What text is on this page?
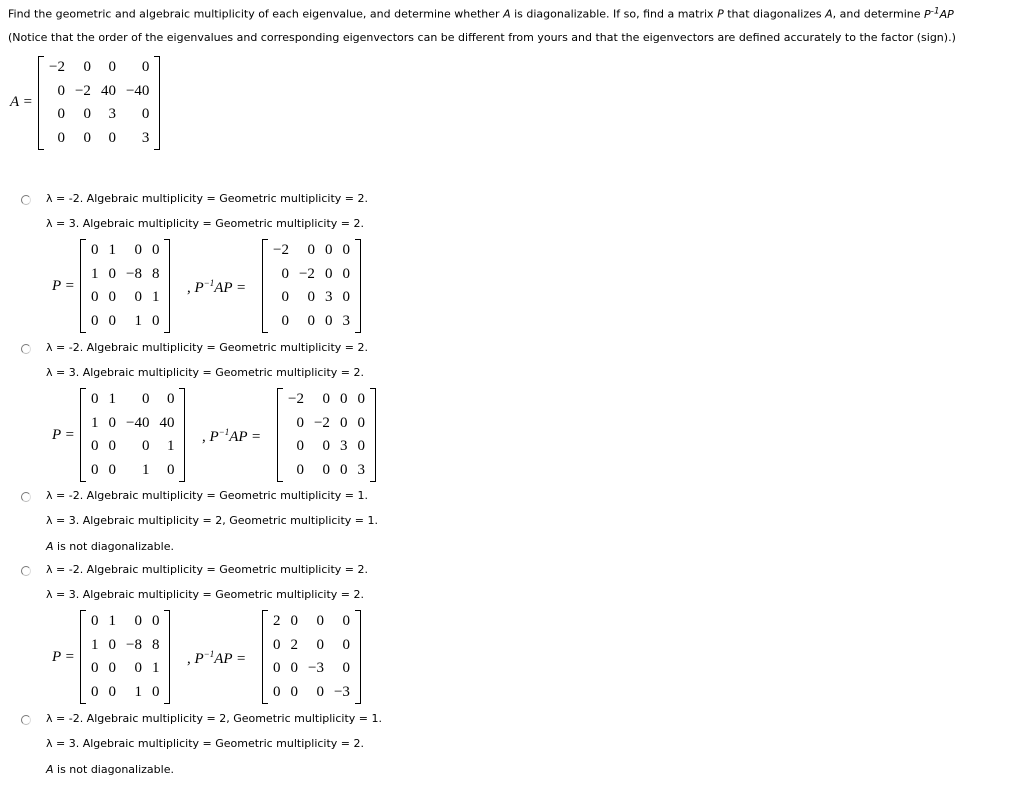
Find the geometric and algebraic multiplicity of each eigenvalue, and determine whether A is diagonalizable. If so, find a matrix P that diagonalizes A, and determine $P^{-1}AP$
(Notice that the order of the eigenvalues and corresponding eigenvectors can be different from yours and that the eigenvectors are defined accurately to the factor (sign).)
A =
−2	0	0	0
0	−2	40	−40
0	0	3	0
0	0	0	3
λ = -2. Algebraic multiplicity = Geometric multiplicity = 2.
λ = 3. Algebraic multiplicity = Geometric multiplicity = 2.
P =
0	1	0	0
1	0	−8	8
0	0	0	1
0	0	1	0
, $P^{-1}AP$ =
−2	0	0	0
0	−2	0	0
0	0	3	0
0	0	0	3
λ = -2. Algebraic multiplicity = Geometric multiplicity = 2.
λ = 3. Algebraic multiplicity = Geometric multiplicity = 2.
P =
0	1	0	0
1	0	−40	40
0	0	0	1
0	0	1	0
, $P^{-1}AP$ =
−2	0	0	0
0	−2	0	0
0	0	3	0
0	0	0	3
λ = -2. Algebraic multiplicity = Geometric multiplicity = 1.
λ = 3. Algebraic multiplicity = 2, Geometric multiplicity = 1.
A is not diagonalizable.
λ = -2. Algebraic multiplicity = Geometric multiplicity = 2.
λ = 3. Algebraic multiplicity = Geometric multiplicity = 2.
P =
0	1	0	0
1	0	−8	8
0	0	0	1
0	0	1	0
, $P^{-1}AP$ =
2	0	0	0
0	2	0	0
0	0	−3	0
0	0	0	−3
λ = -2. Algebraic multiplicity = 2, Geometric multiplicity = 1.
λ = 3. Algebraic multiplicity = Geometric multiplicity = 2.
A is not diagonalizable.
